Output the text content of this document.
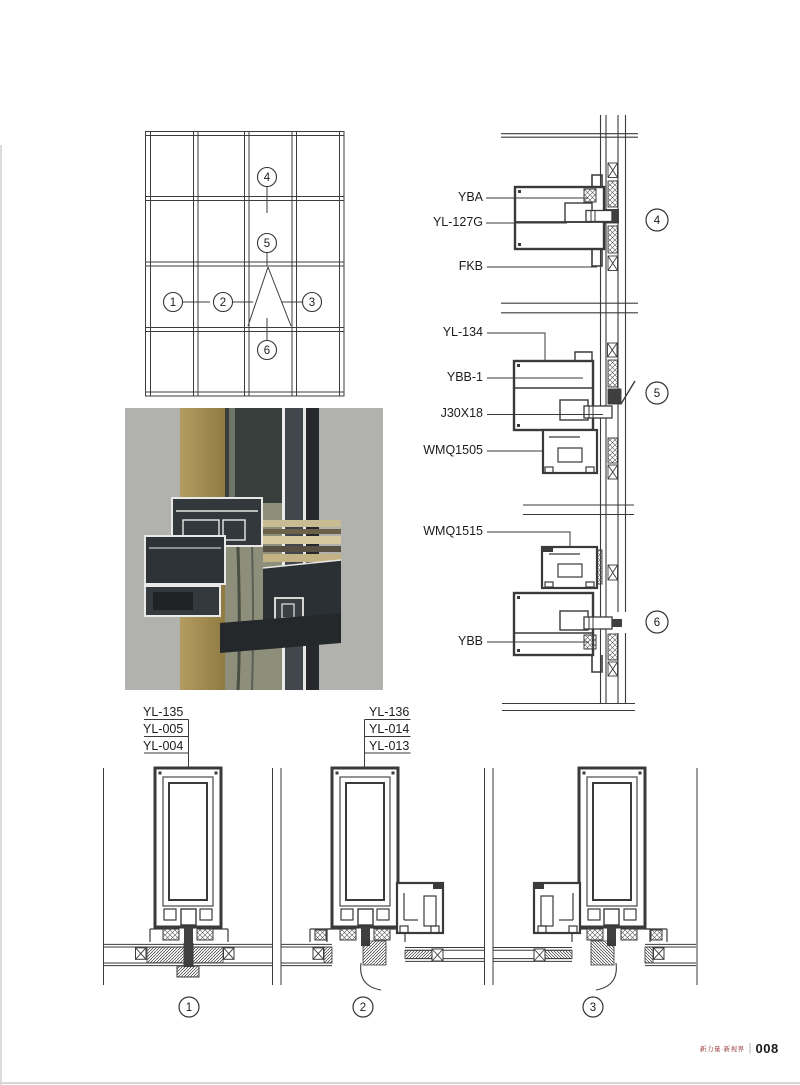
4
5
1	2	3
6
4
5
6
YBA
YL-127G
FKB
YL-134
YBB-1
J30X18
WMQ1505
WMQ1515
YBB
1	2	3
YL-135
YL-005
YL-004
YL-136
YL-014
YL-013
新力量·新视界 | 008
